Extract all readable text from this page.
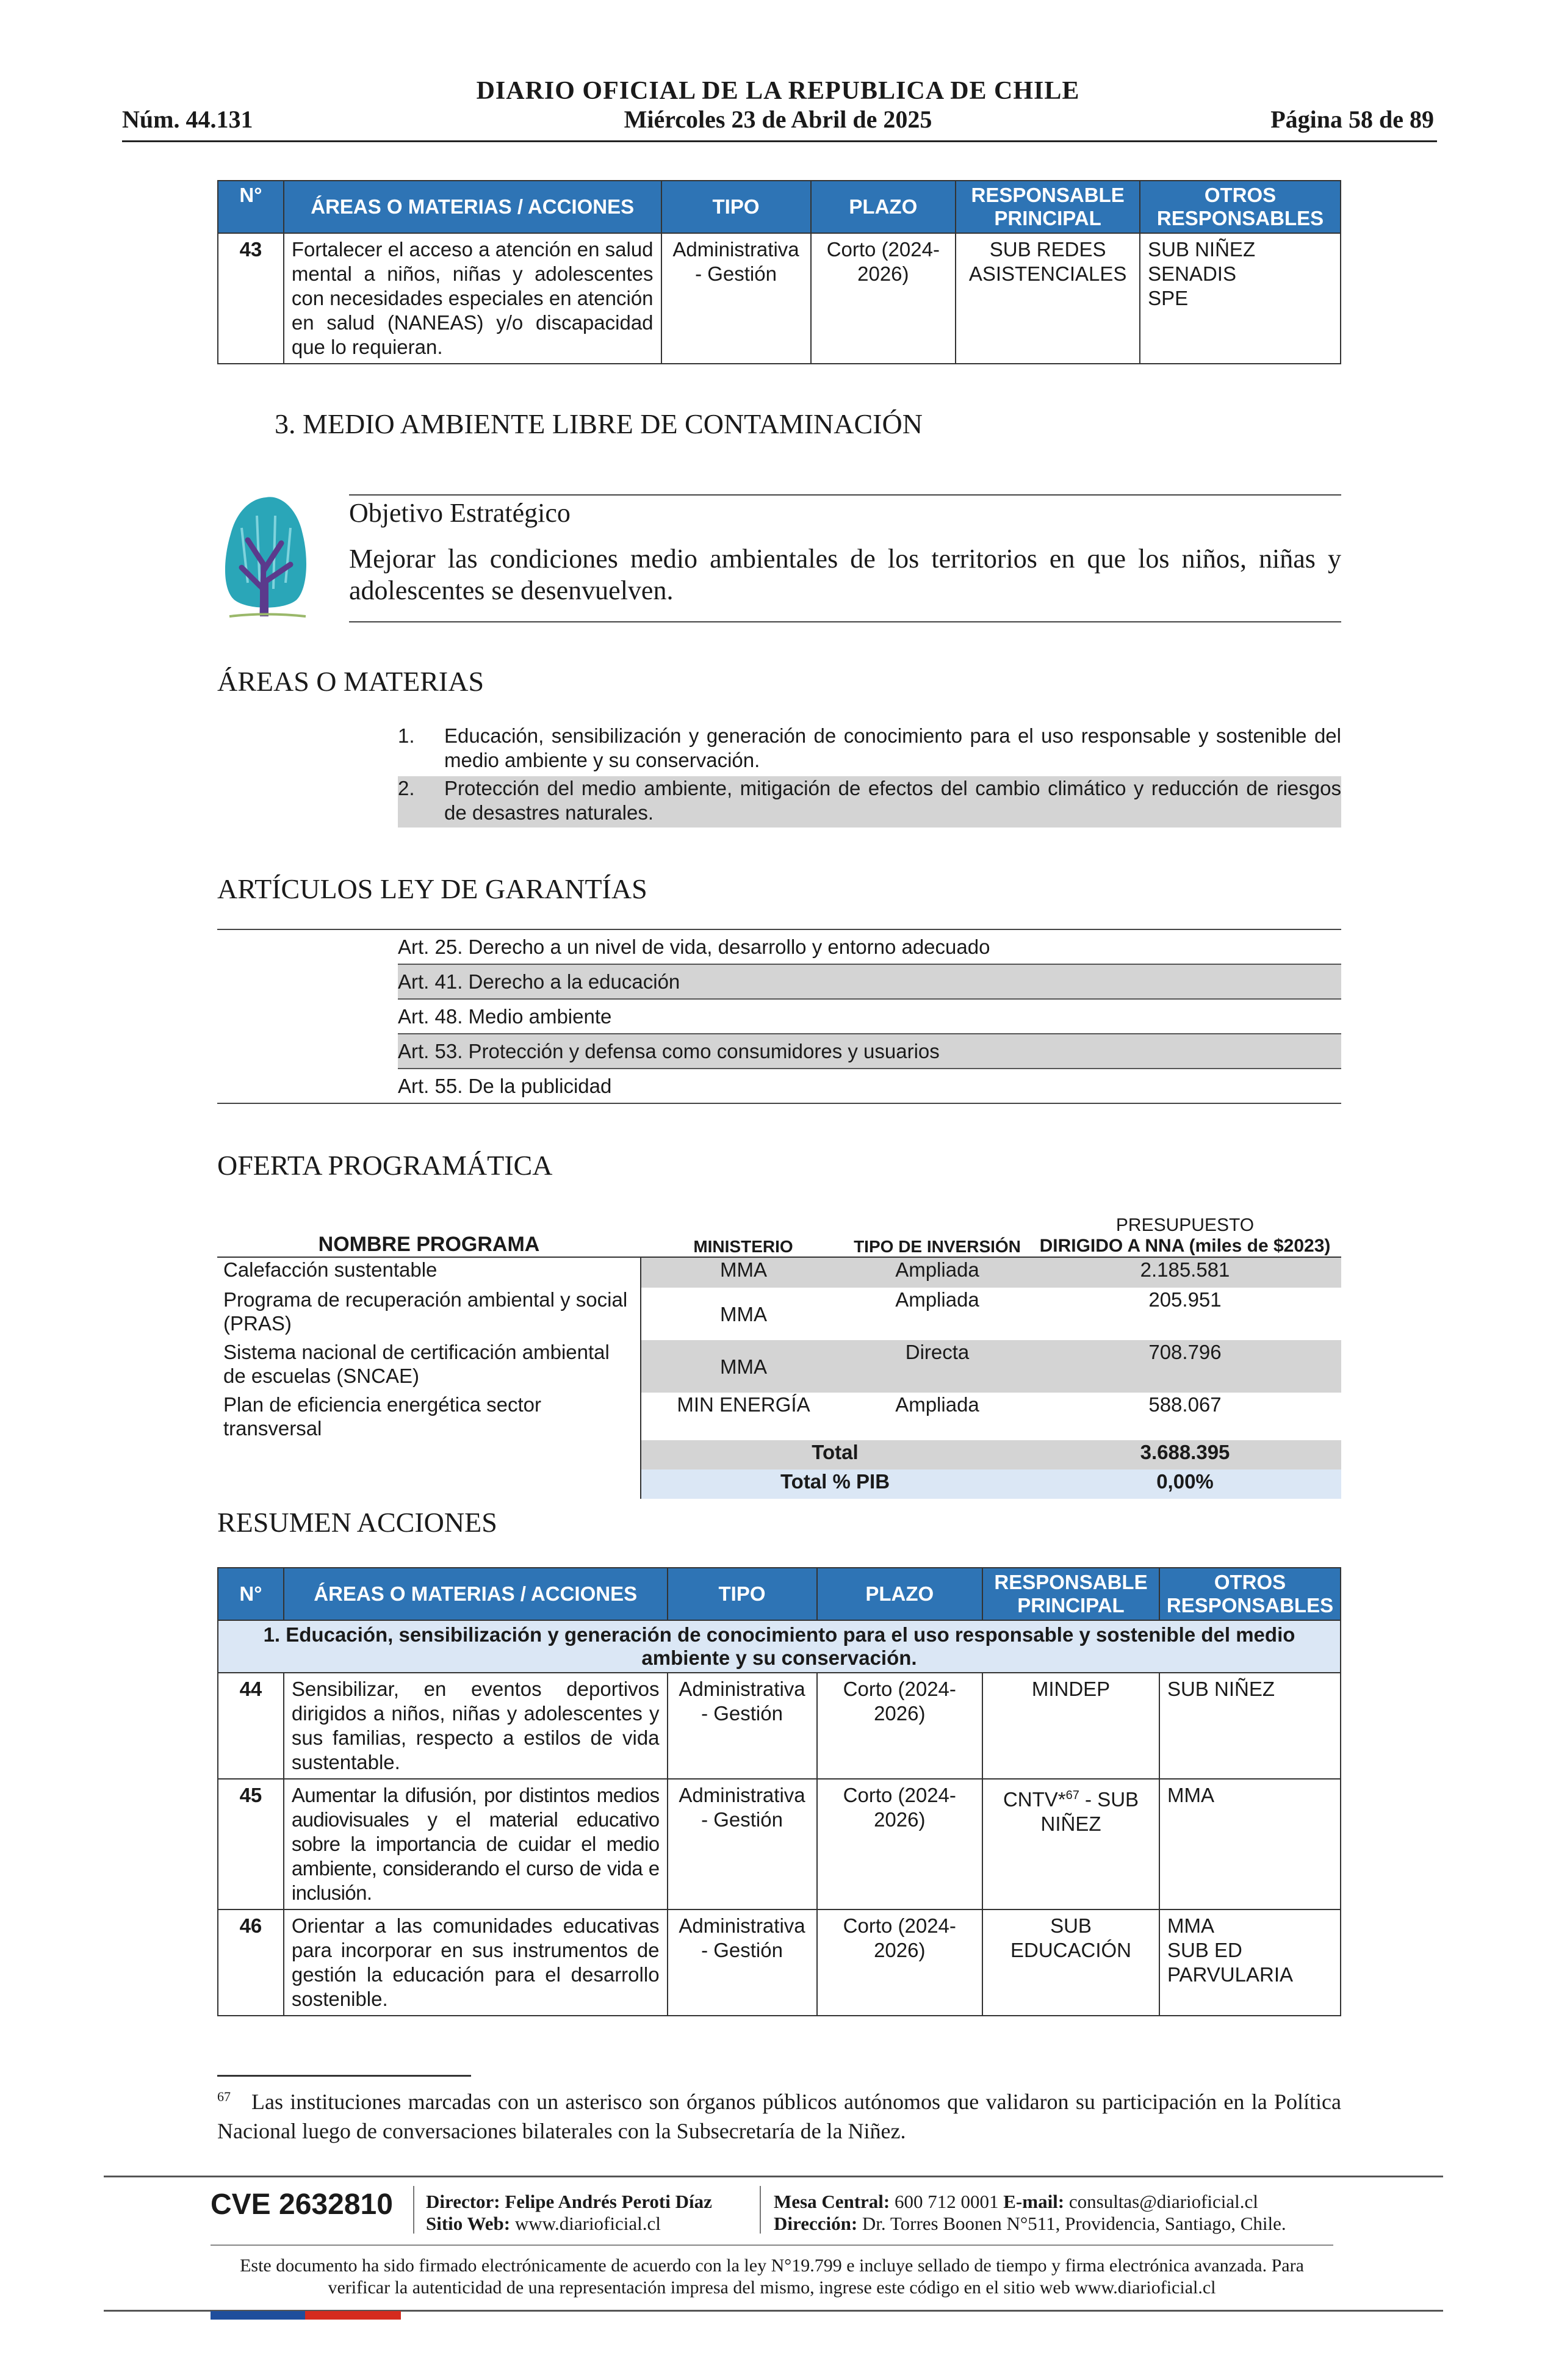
DIARIO OFICIAL DE LA REPUBLICA DE CHILE
Núm. 44.131	Miércoles 23 de Abril de 2025	Página 58 de 89
N°	ÁREAS O MATERIAS / ACCIONES	TIPO	PLAZO	RESPONSABLE PRINCIPAL	OTROS RESPONSABLES
43	Fortalecer el acceso a atención en salud mental a niños, niñas y adolescentes con necesidades especiales en atención en salud (NANEAS) y/o discapacidad que lo requieran.	Administrativa - Gestión	Corto (2024-2026)	SUB REDES ASISTENCIALES	SUB NIÑEZ
SENADIS
SPE
3. MEDIO AMBIENTE LIBRE DE CONTAMINACIÓN
Objetivo Estratégico
Mejorar las condiciones medio ambientales de los territorios en que los niños, niñas y adolescentes se desenvuelven.
ÁREAS O MATERIAS
1. Educación, sensibilización y generación de conocimiento para el uso responsable y sostenible del medio ambiente y su conservación.
2. Protección del medio ambiente, mitigación de efectos del cambio climático y reducción de riesgos de desastres naturales.
ARTÍCULOS LEY DE GARANTÍAS
Art. 25. Derecho a un nivel de vida, desarrollo y entorno adecuado
Art. 41. Derecho a la educación
Art. 48. Medio ambiente
Art. 53. Protección y defensa como consumidores y usuarios
Art. 55. De la publicidad
OFERTA PROGRAMÁTICA
NOMBRE PROGRAMA	MINISTERIO	TIPO DE INVERSIÓN	PRESUPUESTO
DIRIGIDO A NNA (miles de $2023)

Calefacción sustentable	MMA	Ampliada	2.185.581
Programa de recuperación ambiental y social (PRAS)	MMA	Ampliada	205.951
Sistema nacional de certificación ambiental de escuelas (SNCAE)	MMA	Directa	708.796
Plan de eficiencia energética sector transversal	MIN ENERGÍA	Ampliada	588.067
	Total		3.688.395
	Total % PIB		0,00%
RESUMEN ACCIONES
N°	ÁREAS O MATERIAS / ACCIONES	TIPO	PLAZO	RESPONSABLE PRINCIPAL	OTROS RESPONSABLES
1. Educación, sensibilización y generación de conocimiento para el uso responsable y sostenible del medio ambiente y su conservación.					
44	Sensibilizar, en eventos deportivos dirigidos a niños, niñas y adolescentes y sus familias, respecto a estilos de vida sustentable.	Administrativa - Gestión	Corto (2024-2026)	MINDEP	SUB NIÑEZ

45	Aumentar la difusión, por distintos medios audiovisuales y el material educativo sobre la importancia de cuidar el medio ambiente, considerando el curso de vida e inclusión.	Administrativa - Gestión	Corto (2024-2026)	CNTV*$^{67}$ - SUB NIÑEZ	MMA

46	Orientar a las comunidades educativas para incorporar en sus instrumentos de gestión la educación para el desarrollo sostenible.	Administrativa - Gestión	Corto (2024-2026)	SUB EDUCACIÓN	MMA
SUB ED
PARVULARIA
$^{67}$ Las instituciones marcadas con un asterisco son órganos públicos autónomos que validaron su participación en la Política Nacional luego de conversaciones bilaterales con la Subsecretaría de la Niñez.
CVE 2632810 Director: Felipe Andrés Peroti Díaz
Sitio Web: www.diarioficial.cl
Mesa Central: 600 712 0001 E-mail: consultas@diarioficial.cl
Dirección: Dr. Torres Boonen N°511, Providencia, Santiago, Chile.
Este documento ha sido firmado electrónicamente de acuerdo con la ley N°19.799 e incluye sellado de tiempo y firma electrónica avanzada. Para verificar la autenticidad de una representación impresa del mismo, ingrese este código en el sitio web www.diarioficial.cl
